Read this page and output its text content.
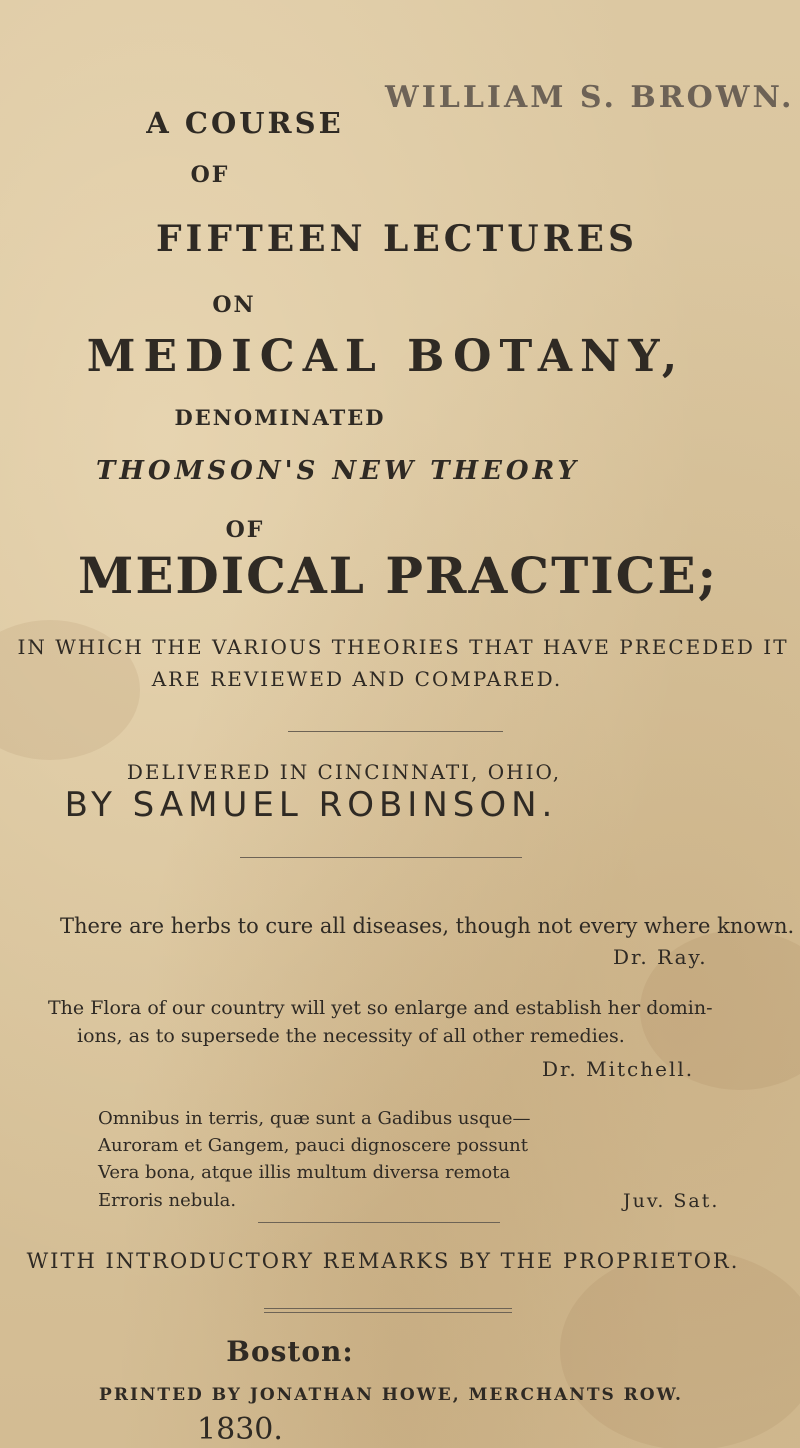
WILLIAM S. BROWN.
A COURSE
OF
FIFTEEN LECTURES
ON
MEDICAL BOTANY,
DENOMINATED
THOMSON'S NEW THEORY
OF
MEDICAL PRACTICE;
IN WHICH THE VARIOUS THEORIES THAT HAVE PRECEDED IT
ARE REVIEWED AND COMPARED.
DELIVERED IN CINCINNATI, OHIO,
BY SAMUEL ROBINSON.
There are herbs to cure all diseases, though not every where known.
Dr. Ray.
The Flora of our country will yet so enlarge and establish her domin-
ions, as to supersede the necessity of all other remedies.
Dr. Mitchell.
Omnibus in terris, quæ sunt a Gadibus usque—
Auroram et Gangem, pauci dignoscere possunt
Vera bona, atque illis multum diversa remota
Erroris nebula.	Juv. Sat.
WITH INTRODUCTORY REMARKS BY THE PROPRIETOR.
Boston:
PRINTED BY JONATHAN HOWE, MERCHANTS ROW.
1830.
